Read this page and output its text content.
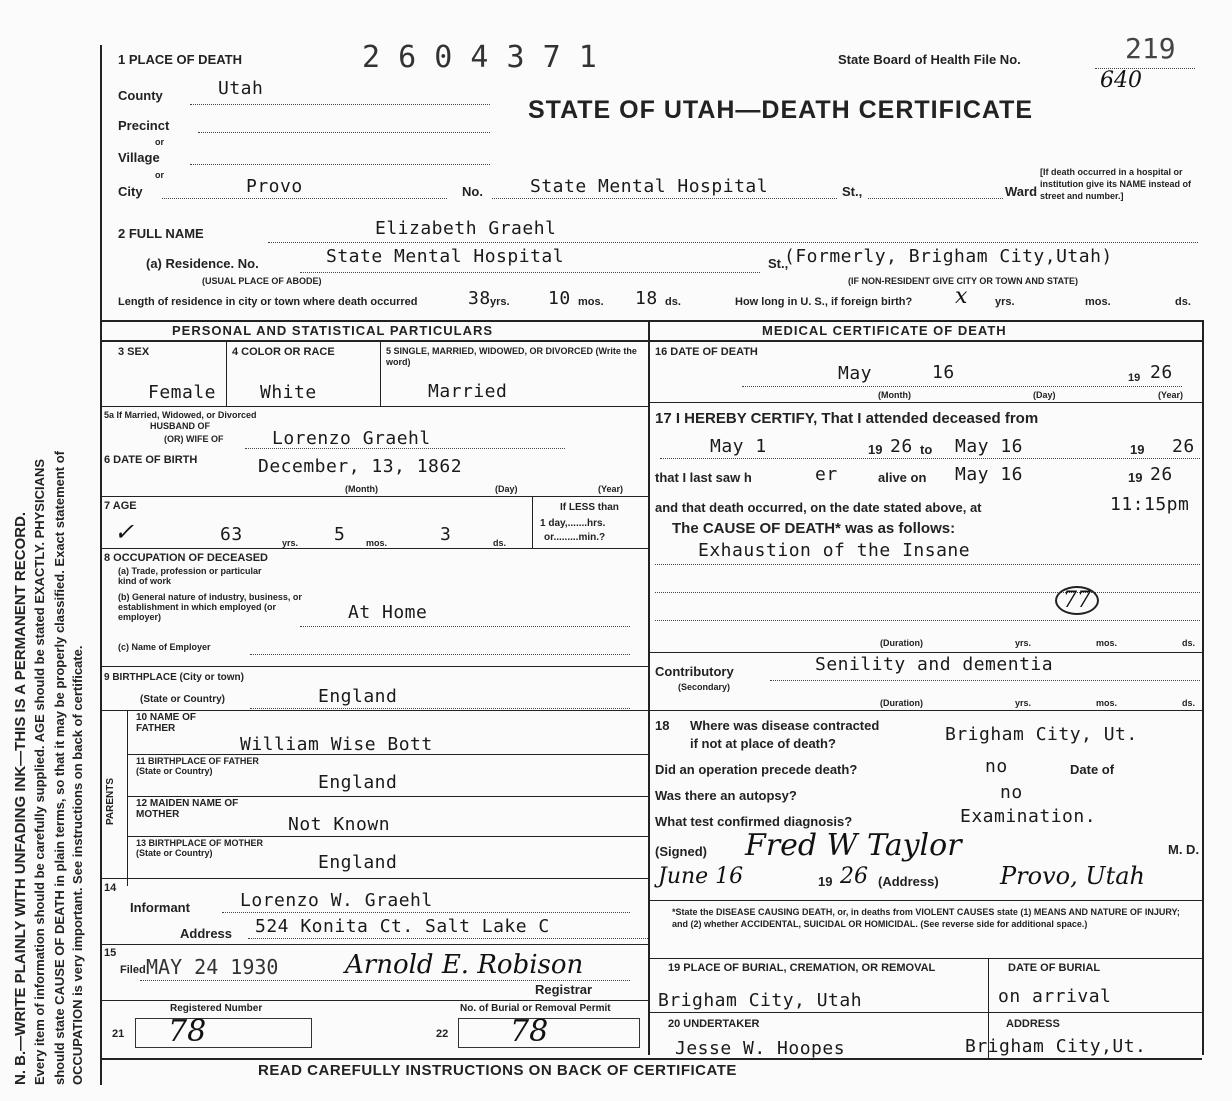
N. B.—WRITE PLAINLY WITH UNFADING INK—THIS IS A PERMANENT RECORD. Every item of information should be carefully supplied. AGE should be stated EXACTLY. PHYSICIANS should state CAUSE OF DEATH in plain terms, so that it may be properly classified. Exact statement of OCCUPATION is very important. See instructions on back of certificate.
1 PLACE OF DEATH	2 6 0 4 3 7 1	State Board of Health File No.	219
640
STATE OF UTAH—DEATH CERTIFICATE
County	Utah
Precinct
or
Village
or
City	Provo	No.	State Mental Hospital	St.,	Ward
[If death occurred in a hospital or institution give its NAME instead of street and number.]
2 FULL NAME	Elizabeth Graehl
(a) Residence. No.	State Mental Hospital
(USUAL PLACE OF ABODE)
St.,
(Formerly, Brigham City,Utah)
(IF NON-RESIDENT GIVE CITY OR TOWN AND STATE)
Length of residence in city or town where death occurred	38 yrs. 10 mos. 18 ds.	How long in U. S., if foreign birth? x	yrs.	mos.	ds.
PERSONAL AND STATISTICAL PARTICULARS	MEDICAL CERTIFICATE OF DEATH
3 SEX
Female
4 COLOR OR RACE
White
5 SINGLE, MARRIED, WIDOWED, OR DIVORCED (Write the word)
Married
5a If Married, Widowed, or Divorced
HUSBAND OF
(OR) WIFE OF	Lorenzo Graehl
6 DATE OF BIRTH	December, 13, 1862
(Month)	(Day)	(Year)
7 AGE
✓	63	yrs. 5 mos.	3	ds.
If LESS than
1 day,.......hrs.
or.........min.?
8 OCCUPATION OF DECEASED
(a) Trade, profession or particular kind of work
(b) General nature of industry, business, or establishment in which employed (or employer)	At Home
(c) Name of Employer
9 BIRTHPLACE (City or town)
(State or Country)	England
PARENTS
10 NAME OF FATHER
William Wise Bott
11 BIRTHPLACE OF FATHER (State or Country)
England
12 MAIDEN NAME OF MOTHER	Not Known
13 BIRTHPLACE OF MOTHER (State or Country)	England
14
Informant	Lorenzo W. Graehl
Address 524 Konita Ct. Salt Lake C
15
Filed MAY 24 1930	Arnold E. Robison
Registrar
Registered Number	No. of Burial or Removal Permit
21 78	22 78
16 DATE OF DEATH
May	16	19 26
(Month)	(Day)	(Year)
17 I HEREBY CERTIFY, That I attended deceased from
May 1	19 26 to May 16	19 26
that I last saw h	er	alive on May 16	19 26
and that death occurred, on the date stated above, at	11:15pm
The CAUSE OF DEATH* was as follows:
Exhaustion of the Insane
77
(Duration)	yrs.	mos.	ds.
Contributory
(Secondary)
Senility and dementia
(Duration)	yrs.	mos.	ds.
18 Where was disease contracted
if not at place of death?	Brigham City, Ut.
Did an operation precede death?	no	Date of
Was there an autopsy?	no
What test confirmed diagnosis?	Examination.
(Signed) Fred W Taylor	M. D.
June 16	19 26 (Address)	Provo, Utah
*State the DISEASE CAUSING DEATH, or, in deaths from VIOLENT CAUSES state (1) MEANS AND NATURE OF INJURY; and (2) whether ACCIDENTAL, SUICIDAL OR HOMICIDAL. (See reverse side for additional space.)
19 PLACE OF BURIAL, CREMATION, OR REMOVAL
Brigham City, Utah
DATE OF BURIAL
on arrival
20 UNDERTAKER
Jesse W. Hoopes
ADDRESS
Brigham City,Ut.
READ CAREFULLY INSTRUCTIONS ON BACK OF CERTIFICATE
